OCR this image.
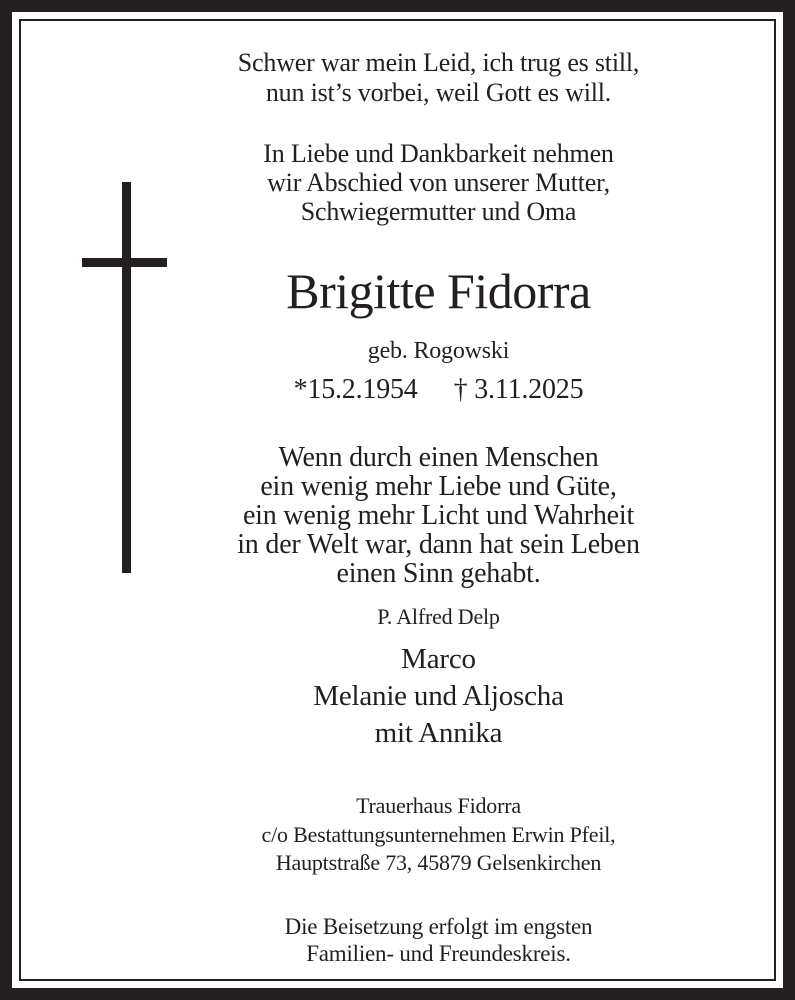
Schwer war mein Leid, ich trug es still,
nun ist’s vorbei, weil Gott es will.
In Liebe und Dankbarkeit nehmen
wir Abschied von unserer Mutter,
Schwiegermutter und Oma
Brigitte Fidorra
geb. Rogowski
*15.2.1954 † 3.11.2025
Wenn durch einen Menschen
ein wenig mehr Liebe und Güte,
ein wenig mehr Licht und Wahrheit
in der Welt war, dann hat sein Leben
einen Sinn gehabt.
P. Alfred Delp
Marco
Melanie und Aljoscha
mit Annika
Trauerhaus Fidorra
c/o Bestattungsunternehmen Erwin Pfeil,
Hauptstraße 73, 45879 Gelsenkirchen
Die Beisetzung erfolgt im engsten
Familien- und Freundeskreis.
